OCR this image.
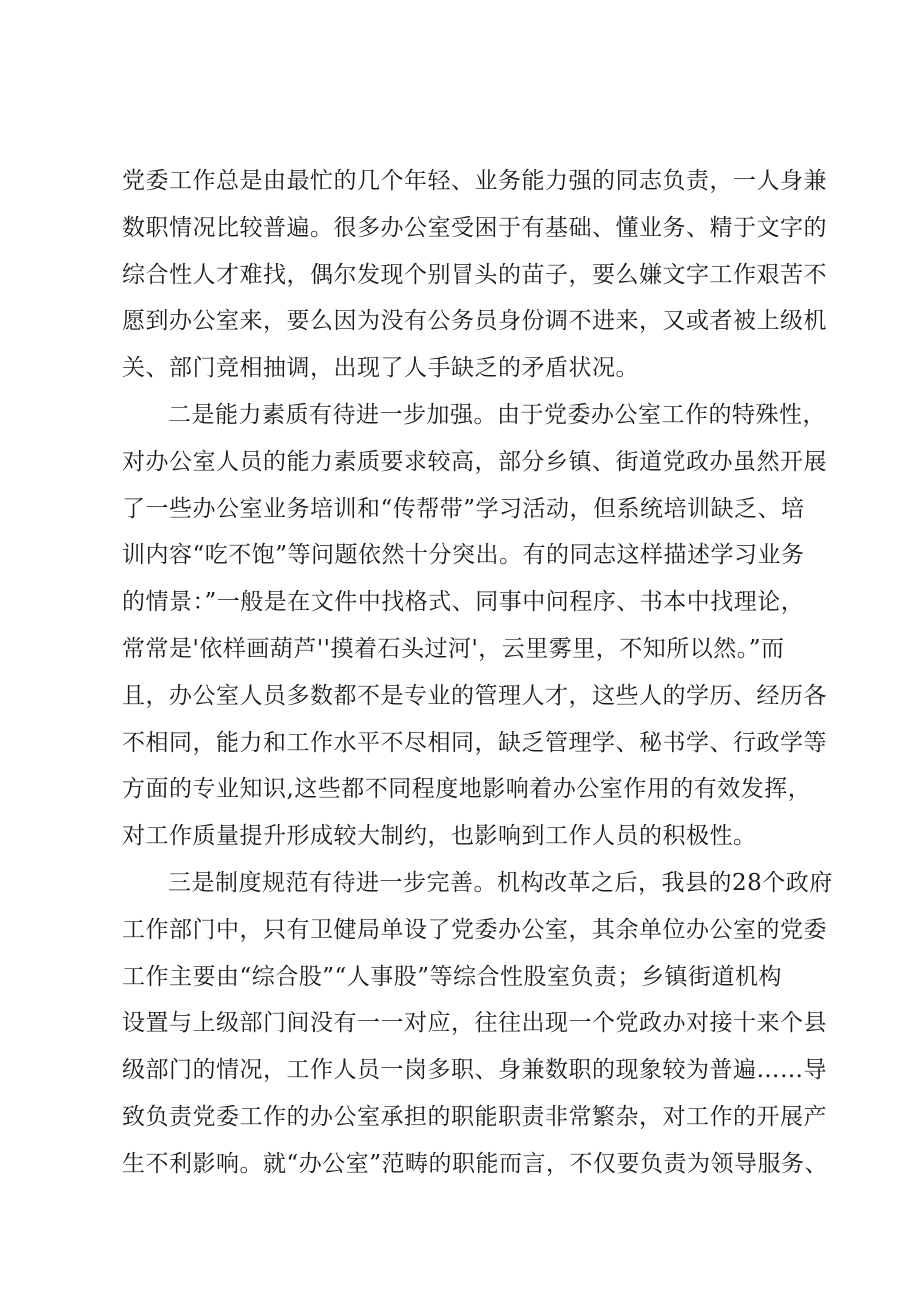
党委工作总是由最忙的几个年轻、业务能力强的同志负责，一人身兼
数职情况比较普遍。很多办公室受困于有基础、懂业务、精于文字的
综合性人才难找，偶尔发现个别冒头的苗子，要么嫌文字工作艰苦不
愿到办公室来，要么因为没有公务员身份调不进来，又或者被上级机
关、部门竞相抽调，出现了人手缺乏的矛盾状况。
二是能力素质有待进一步加强。由于党委办公室工作的特殊性，
对办公室人员的能力素质要求较高，部分乡镇、街道党政办虽然开展
了一些办公室业务培训和“传帮带”学习活动，但系统培训缺乏、培
训内容“吃不饱”等问题依然十分突出。有的同志这样描述学习业务
的情景：”一般是在文件中找格式、同事中问程序、书本中找理论，
常常是'依样画葫芦''摸着石头过河'，云里雾里，不知所以然。”而
且，办公室人员多数都不是专业的管理人才，这些人的学历、经历各
不相同，能力和工作水平不尽相同，缺乏管理学、秘书学、行政学等
方面的专业知识,这些都不同程度地影响着办公室作用的有效发挥，
对工作质量提升形成较大制约，也影响到工作人员的积极性。
三是制度规范有待进一步完善。机构改革之后，我县的28个政府
工作部门中，只有卫健局单设了党委办公室，其余单位办公室的党委
工作主要由“综合股”“人事股”等综合性股室负责；乡镇街道机构
设置与上级部门间没有一一对应，往往出现一个党政办对接十来个县
级部门的情况，工作人员一岗多职、身兼数职的现象较为普遍……导
致负责党委工作的办公室承担的职能职责非常繁杂，对工作的开展产
生不利影响。就“办公室”范畴的职能而言，不仅要负责为领导服务、
